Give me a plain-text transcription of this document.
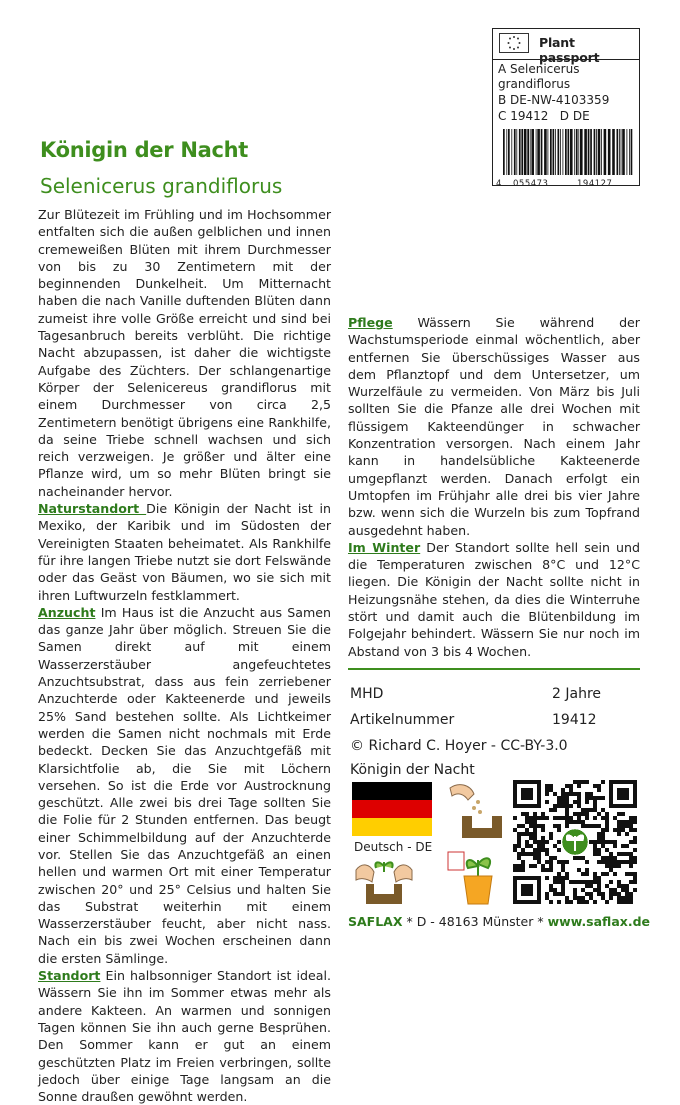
Plant passport
A Selenicerus
grandiflorus
B DE-NW-4103359
C 19412   D DE
4 055473	194127
Königin der Nacht
Selenicerus grandiflorus

Zur Blütezeit im Frühling und im Hochsommer entfalten sich die außen gelblichen und innen cremeweißen Blüten mit ihrem Durchmesser von bis zu 30 Zentimetern mit der beginnenden Dunkelheit. Um Mitternacht haben die nach Vanille duftenden Blüten dann zumeist ihre volle Größe erreicht und sind bei Tagesanbruch bereits verblüht. Die richtige Nacht abzupassen, ist daher die wichtigste Aufgabe des Züchters. Der schlangenartige Körper der Selenicereus grandiflorus mit einem Durchmesser von circa 2,5 Zentimetern benötigt übrigens eine Rankhilfe, da seine Triebe schnell wachsen und sich reich verzweigen. Je größer und älter eine Pflanze wird, um so mehr Blüten bringt sie nacheinander hervor.

Naturstandort Die Königin der Nacht ist in Mexiko, der Karibik und im Südosten der Vereinigten Staaten beheimatet. Als Rankhilfe für ihre langen Triebe nutzt sie dort Felswände oder das Geäst von Bäumen, wo sie sich mit ihren Luftwurzeln festklammert.

Anzucht Im Haus ist die Anzucht aus Samen das ganze Jahr über möglich. Streuen Sie die Samen direkt auf mit einem Wasserzerstäuber angefeuchtetes Anzuchtsubstrat, dass aus fein zerriebener Anzuchterde oder Kakteenerde und jeweils 25% Sand bestehen sollte. Als Lichtkeimer werden die Samen nicht nochmals mit Erde bedeckt. Decken Sie das Anzuchtgefäß mit Klarsichtfolie ab, die Sie mit Löchern versehen. So ist die Erde vor Austrocknung geschützt. Alle zwei bis drei Tage sollten Sie die Folie für 2 Stunden entfernen. Das beugt einer Schimmelbildung auf der Anzuchterde vor. Stellen Sie das Anzuchtgefäß an einen hellen und warmen Ort mit einer Temperatur zwischen 20° und 25° Celsius und halten Sie das Substrat weiterhin mit einem Wasserzerstäuber feucht, aber nicht nass. Nach ein bis zwei Wochen erscheinen dann die ersten Sämlinge.

Standort Ein halbsonniger Standort ist ideal. Wässern Sie ihn im Sommer etwas mehr als andere Kakteen. An warmen und sonnigen Tagen können Sie ihn auch gerne Besprühen. Den Sommer kann er gut an einem geschützten Platz im Freien verbringen, sollte jedoch über einige Tage langsam an die Sonne draußen gewöhnt werden.

Pflege Wässern Sie während der Wachstumsperiode einmal wöchentlich, aber entfernen Sie überschüssiges Wasser aus dem Pflanztopf und dem Untersetzer, um Wurzelfäule zu vermeiden. Von März bis Juli sollten Sie die Pfanze alle drei Wochen mit flüssigem Kakteendünger in schwacher Konzentration versorgen. Nach einem Jahr kann in handelsübliche Kakteenerde umgepflanzt werden. Danach erfolgt ein Umtopfen im Frühjahr alle drei bis vier Jahre bzw. wenn sich die Wurzeln bis zum Topfrand ausgedehnt haben.

Im Winter Der Standort sollte hell sein und die Temperaturen zwischen 8°C und 12°C liegen. Die Königin der Nacht sollte nicht in Heizungsnähe stehen, da dies die Winterruhe stört und damit auch die Blütenbildung im Folgejahr behindert. Wässern Sie nur noch im Abstand von 3 bis 4 Wochen.

MHD	2 Jahre
Artikelnummer	19412
© Richard C. Hoyer - CC-BY-3.0
Königin der Nacht
Deutsch - DE
SAFLAX * D - 48163 Münster * www.saflax.de
